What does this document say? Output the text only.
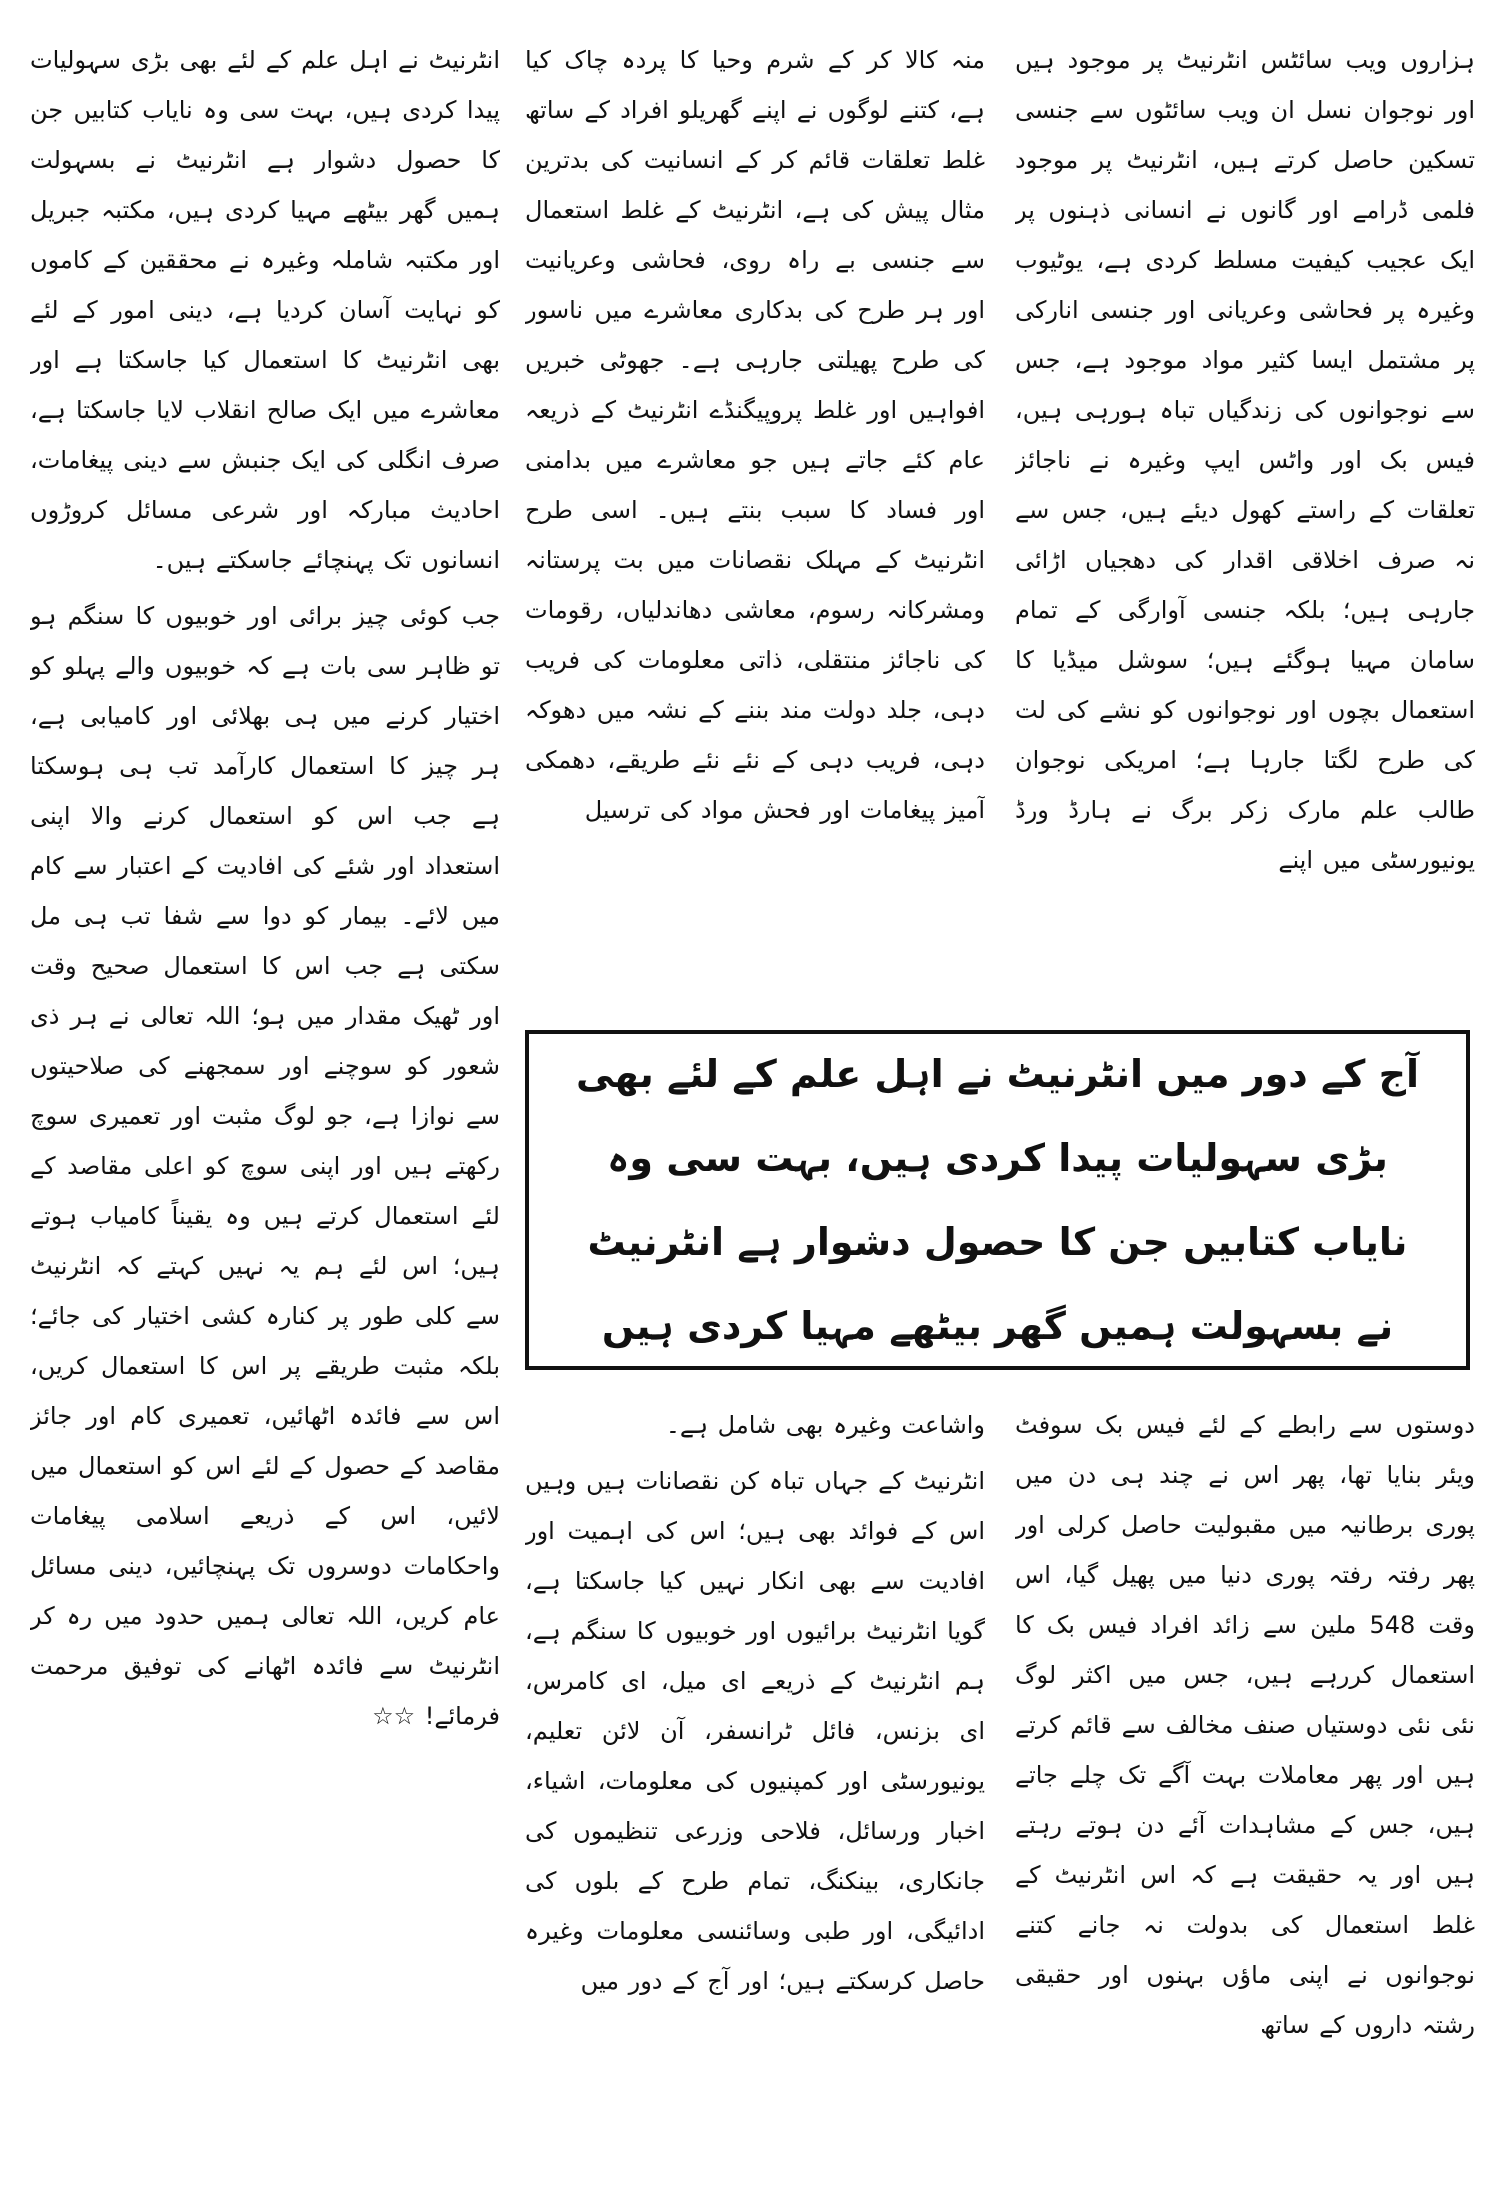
ہزاروں ویب سائٹس انٹرنیٹ پر موجود ہیں اور نوجوان نسل ان ویب سائٹوں سے جنسی تسکین حاصل کرتے ہیں، انٹرنیٹ پر موجود فلمی ڈرامے اور گانوں نے انسانی ذہنوں پر ایک عجیب کیفیت مسلط کردی ہے، یوٹیوب وغیرہ پر فحاشی وعریانی اور جنسی انارکی پر مشتمل ایسا کثیر مواد موجود ہے، جس سے نوجوانوں کی زندگیاں تباہ ہورہی ہیں، فیس بک اور واٹس ایپ وغیرہ نے ناجائز تعلقات کے راستے کھول دیئے ہیں، جس سے نہ صرف اخلاقی اقدار کی دھجیاں اڑائی جارہی ہیں؛ بلکہ جنسی آوارگی کے تمام سامان مہیا ہوگئے ہیں؛ سوشل میڈیا کا استعمال بچوں اور نوجوانوں کو نشے کی لت کی طرح لگتا جارہا ہے؛ امریکی نوجوان طالب علم مارک زکر برگ نے ہارڈ ورڈ یونیورسٹی میں اپنے

منہ کالا کر کے شرم وحیا کا پردہ چاک کیا ہے، کتنے لوگوں نے اپنے گھریلو افراد کے ساتھ غلط تعلقات قائم کر کے انسانیت کی بدترین مثال پیش کی ہے، انٹرنیٹ کے غلط استعمال سے جنسی بے راہ روی، فحاشی وعریانیت اور ہر طرح کی بدکاری معاشرے میں ناسور کی طرح پھیلتی جارہی ہے۔ جھوٹی خبریں افواہیں اور غلط پروپیگنڈے انٹرنیٹ کے ذریعہ عام کئے جاتے ہیں جو معاشرے میں بدامنی اور فساد کا سبب بنتے ہیں۔ اسی طرح انٹرنیٹ کے مہلک نقصانات میں بت پرستانہ ومشرکانہ رسوم، معاشی دھاندلیاں، رقومات کی ناجائز منتقلی، ذاتی معلومات کی فریب دہی، جلد دولت مند بننے کے نشہ میں دھوکہ دہی، فریب دہی کے نئے نئے طریقے، دھمکی آمیز پیغامات اور فحش مواد کی ترسیل

انٹرنیٹ نے اہل علم کے لئے بھی بڑی سہولیات پیدا کردی ہیں، بہت سی وہ نایاب کتابیں جن کا حصول دشوار ہے انٹرنیٹ نے بسہولت ہمیں گھر بیٹھے مہیا کردی ہیں، مکتبہ جبریل اور مکتبہ شاملہ وغیرہ نے محققین کے کاموں کو نہایت آسان کردیا ہے، دینی امور کے لئے بھی انٹرنیٹ کا استعمال کیا جاسکتا ہے اور معاشرے میں ایک صالح انقلاب لایا جاسکتا ہے، صرف انگلی کی ایک جنبش سے دینی پیغامات، احادیث مبارکہ اور شرعی مسائل کروڑوں انسانوں تک پہنچائے جاسکتے ہیں۔

جب کوئی چیز برائی اور خوبیوں کا سنگم ہو تو ظاہر سی بات ہے کہ خوبیوں والے پہلو کو اختیار کرنے میں ہی بھلائی اور کامیابی ہے، ہر چیز کا استعمال کارآمد تب ہی ہوسکتا ہے جب اس کو استعمال کرنے والا اپنی استعداد اور شئے کی افادیت کے اعتبار سے کام میں لائے۔ بیمار کو دوا سے شفا تب ہی مل سکتی ہے جب اس کا استعمال صحیح وقت اور ٹھیک مقدار میں ہو؛ اللہ تعالی نے ہر ذی شعور کو سوچنے اور سمجھنے کی صلاحیتوں سے نوازا ہے، جو لوگ مثبت اور تعمیری سوچ رکھتے ہیں اور اپنی سوچ کو اعلی مقاصد کے لئے استعمال کرتے ہیں وہ یقیناً کامیاب ہوتے ہیں؛ اس لئے ہم یہ نہیں کہتے کہ انٹرنیٹ سے کلی طور پر کنارہ کشی اختیار کی جائے؛ بلکہ مثبت طریقے پر اس کا استعمال کریں، اس سے فائدہ اٹھائیں، تعمیری کام اور جائز مقاصد کے حصول کے لئے اس کو استعمال میں لائیں، اس کے ذریعے اسلامی پیغامات واحکامات دوسروں تک پہنچائیں، دینی مسائل عام کریں، اللہ تعالی ہمیں حدود میں رہ کر انٹرنیٹ سے فائدہ اٹھانے کی توفیق مرحمت فرمائے! ☆☆

آج کے دور میں انٹرنیٹ نے اہل علم کے لئے بھی بڑی سہولیات پیدا کردی ہیں، بہت سی وہ نایاب کتابیں جن کا حصول دشوار ہے انٹرنیٹ نے بسہولت ہمیں گھر بیٹھے مہیا کردی ہیں

دوستوں سے رابطے کے لئے فیس بک سوفٹ ویئر بنایا تھا، پھر اس نے چند ہی دن میں پوری برطانیہ میں مقبولیت حاصل کرلی اور پھر رفتہ رفتہ پوری دنیا میں پھیل گیا، اس وقت 548 ملین سے زائد افراد فیس بک کا استعمال کررہے ہیں، جس میں اکثر لوگ نئی نئی دوستیاں صنف مخالف سے قائم کرتے ہیں اور پھر معاملات بہت آگے تک چلے جاتے ہیں، جس کے مشاہدات آئے دن ہوتے رہتے ہیں اور یہ حقیقت ہے کہ اس انٹرنیٹ کے غلط استعمال کی بدولت نہ جانے کتنے نوجوانوں نے اپنی ماؤں بہنوں اور حقیقی رشتہ داروں کے ساتھ

واشاعت وغیرہ بھی شامل ہے۔

انٹرنیٹ کے جہاں تباہ کن نقصانات ہیں وہیں اس کے فوائد بھی ہیں؛ اس کی اہمیت اور افادیت سے بھی انکار نہیں کیا جاسکتا ہے، گویا انٹرنیٹ برائیوں اور خوبیوں کا سنگم ہے، ہم انٹرنیٹ کے ذریعے ای میل، ای کامرس، ای بزنس، فائل ٹرانسفر، آن لائن تعلیم، یونیورسٹی اور کمپنیوں کی معلومات، اشیاء، اخبار ورسائل، فلاحی وزرعی تنظیموں کی جانکاری، بینکنگ، تمام طرح کے بلوں کی ادائیگی، اور طبی وسائنسی معلومات وغیرہ حاصل کرسکتے ہیں؛ اور آج کے دور میں
